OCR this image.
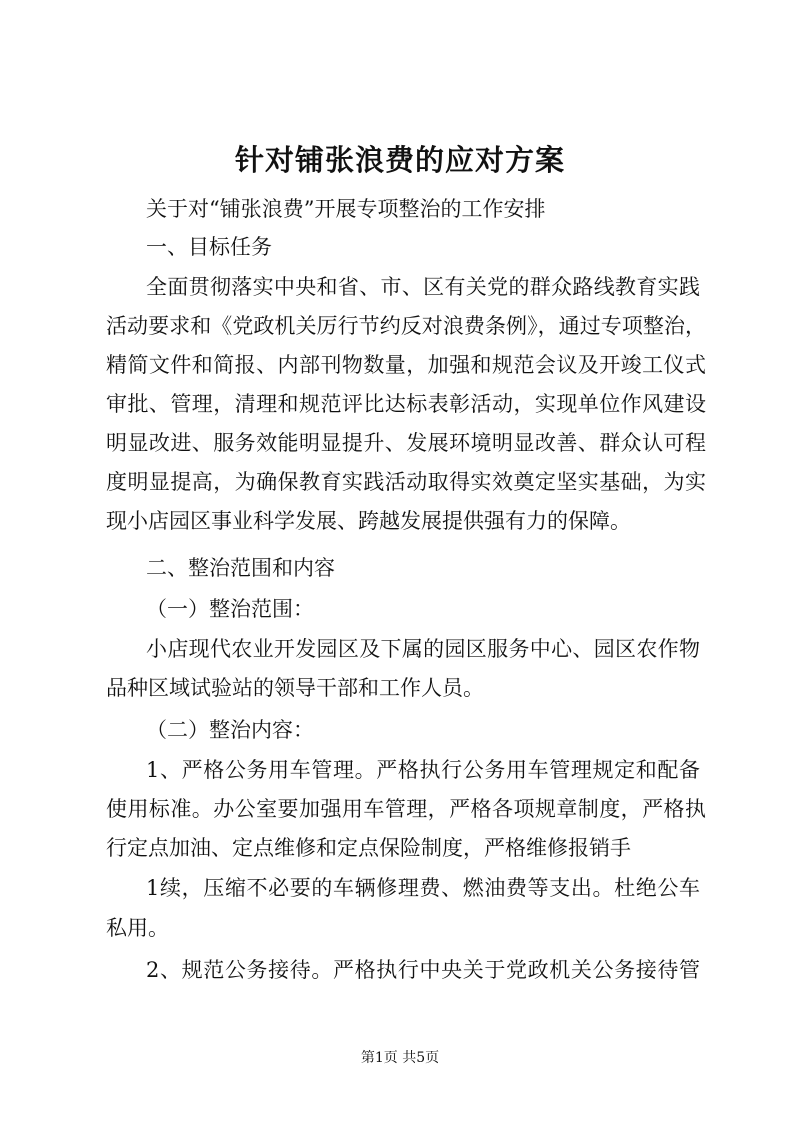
针对铺张浪费的应对方案
关于对“铺张浪费”开展专项整治的工作安排
一、目标任务
全面贯彻落实中央和省、市、区有关党的群众路线教育实践
活动要求和《党政机关厉行节约反对浪费条例》，通过专项整治，
精简文件和简报、内部刊物数量，加强和规范会议及开竣工仪式
审批、管理，清理和规范评比达标表彰活动，实现单位作风建设
明显改进、服务效能明显提升、发展环境明显改善、群众认可程
度明显提高，为确保教育实践活动取得实效奠定坚实基础，为实
现小店园区事业科学发展、跨越发展提供强有力的保障。
二、整治范围和内容
（一）整治范围：
小店现代农业开发园区及下属的园区服务中心、园区农作物
品种区域试验站的领导干部和工作人员。
（二）整治内容：
1、严格公务用车管理。严格执行公务用车管理规定和配备
使用标准。办公室要加强用车管理，严格各项规章制度，严格执
行定点加油、定点维修和定点保险制度，严格维修报销手
1续，压缩不必要的车辆修理费、燃油费等支出。杜绝公车
私用。
2、规范公务接待。严格执行中央关于党政机关公务接待管
第1页 共5页
